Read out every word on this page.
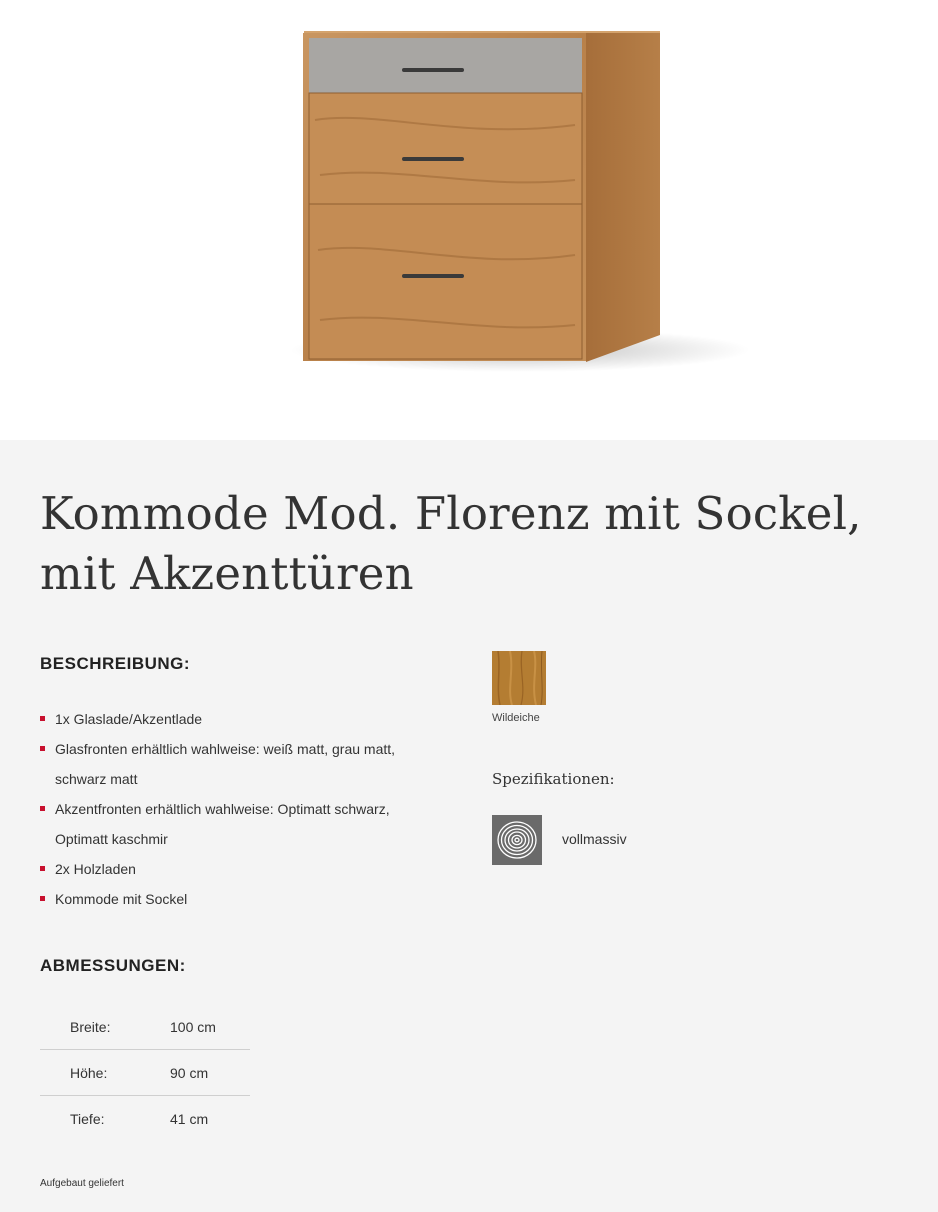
Kommode Mod. Florenz mit Sockel, mit Akzenttüren
BESCHREIBUNG:
1x Glaslade/Akzentlade
Glasfronten erhältlich wahlweise: weiß matt, grau matt, schwarz matt
Akzentfronten erhältlich wahlweise: Optimatt schwarz, Optimatt kaschmir
2x Holzladen
Kommode mit Sockel
ABMESSUNGEN:
Breite:	100 cm
Höhe:	90 cm
Tiefe:	41 cm
Aufgebaut geliefert
Wildeiche
Spezifikationen:
vollmassiv
